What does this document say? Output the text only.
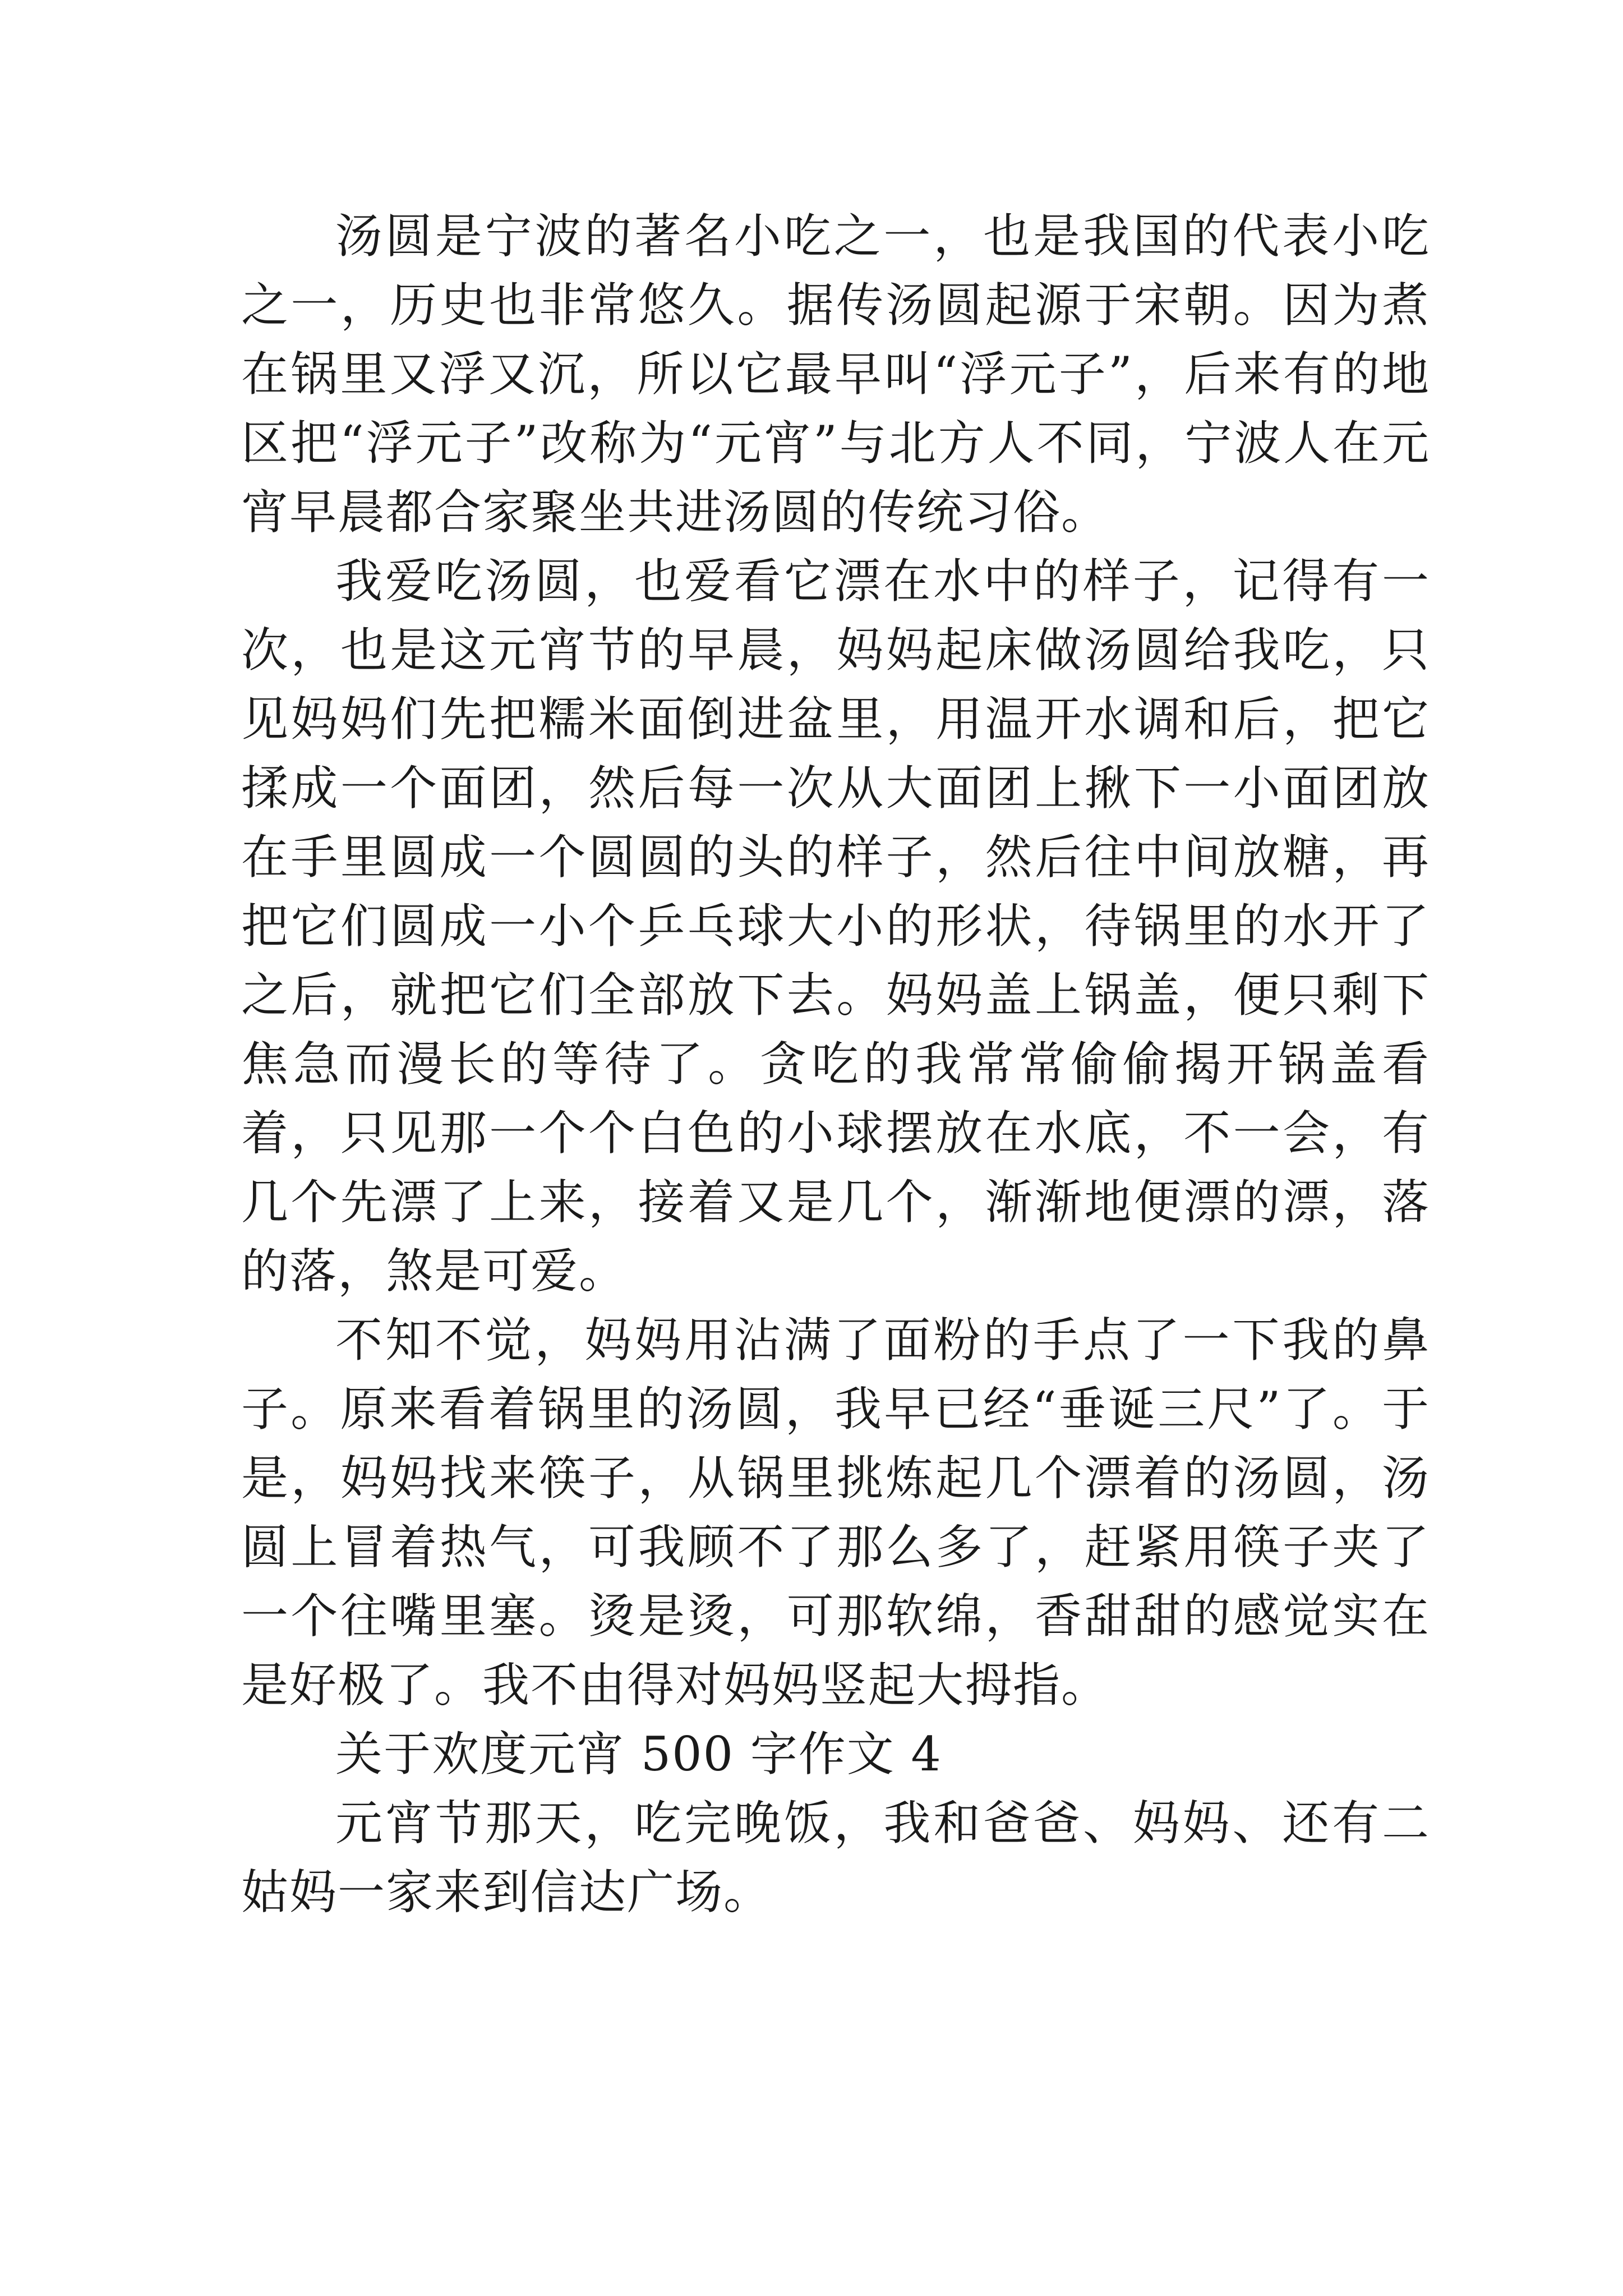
汤圆是宁波的著名小吃之一，也是我国的代表小吃之一，历史也非常悠久。据传汤圆起源于宋朝。因为煮在锅里又浮又沉，所以它最早叫“浮元子”，后来有的地区把“浮元子”改称为“元宵”与北方人不同，宁波人在元宵早晨都合家聚坐共进汤圆的传统习俗。

我爱吃汤圆，也爱看它漂在水中的样子，记得有一次，也是这元宵节的早晨，妈妈起床做汤圆给我吃，只见妈妈们先把糯米面倒进盆里，用温开水调和后，把它揉成一个面团，然后每一次从大面团上揪下一小面团放在手里圆成一个圆圆的头的样子，然后往中间放糖，再把它们圆成一小个乒乓球大小的形状，待锅里的水开了之后，就把它们全部放下去。妈妈盖上锅盖，便只剩下焦急而漫长的等待了。贪吃的我常常偷偷揭开锅盖看着，只见那一个个白色的小球摆放在水底，不一会，有几个先漂了上来，接着又是几个，渐渐地便漂的漂，落的落，煞是可爱。

不知不觉，妈妈用沾满了面粉的手点了一下我的鼻子。原来看着锅里的汤圆，我早已经“垂诞三尺”了。于是，妈妈找来筷子，从锅里挑炼起几个漂着的汤圆，汤圆上冒着热气，可我顾不了那么多了，赶紧用筷子夹了一个往嘴里塞。烫是烫，可那软绵，香甜甜的感觉实在是好极了。我不由得对妈妈竖起大拇指。

关于欢度元宵 500 字作文 4

元宵节那天，吃完晚饭，我和爸爸、妈妈、还有二姑妈一家来到信达广场。
